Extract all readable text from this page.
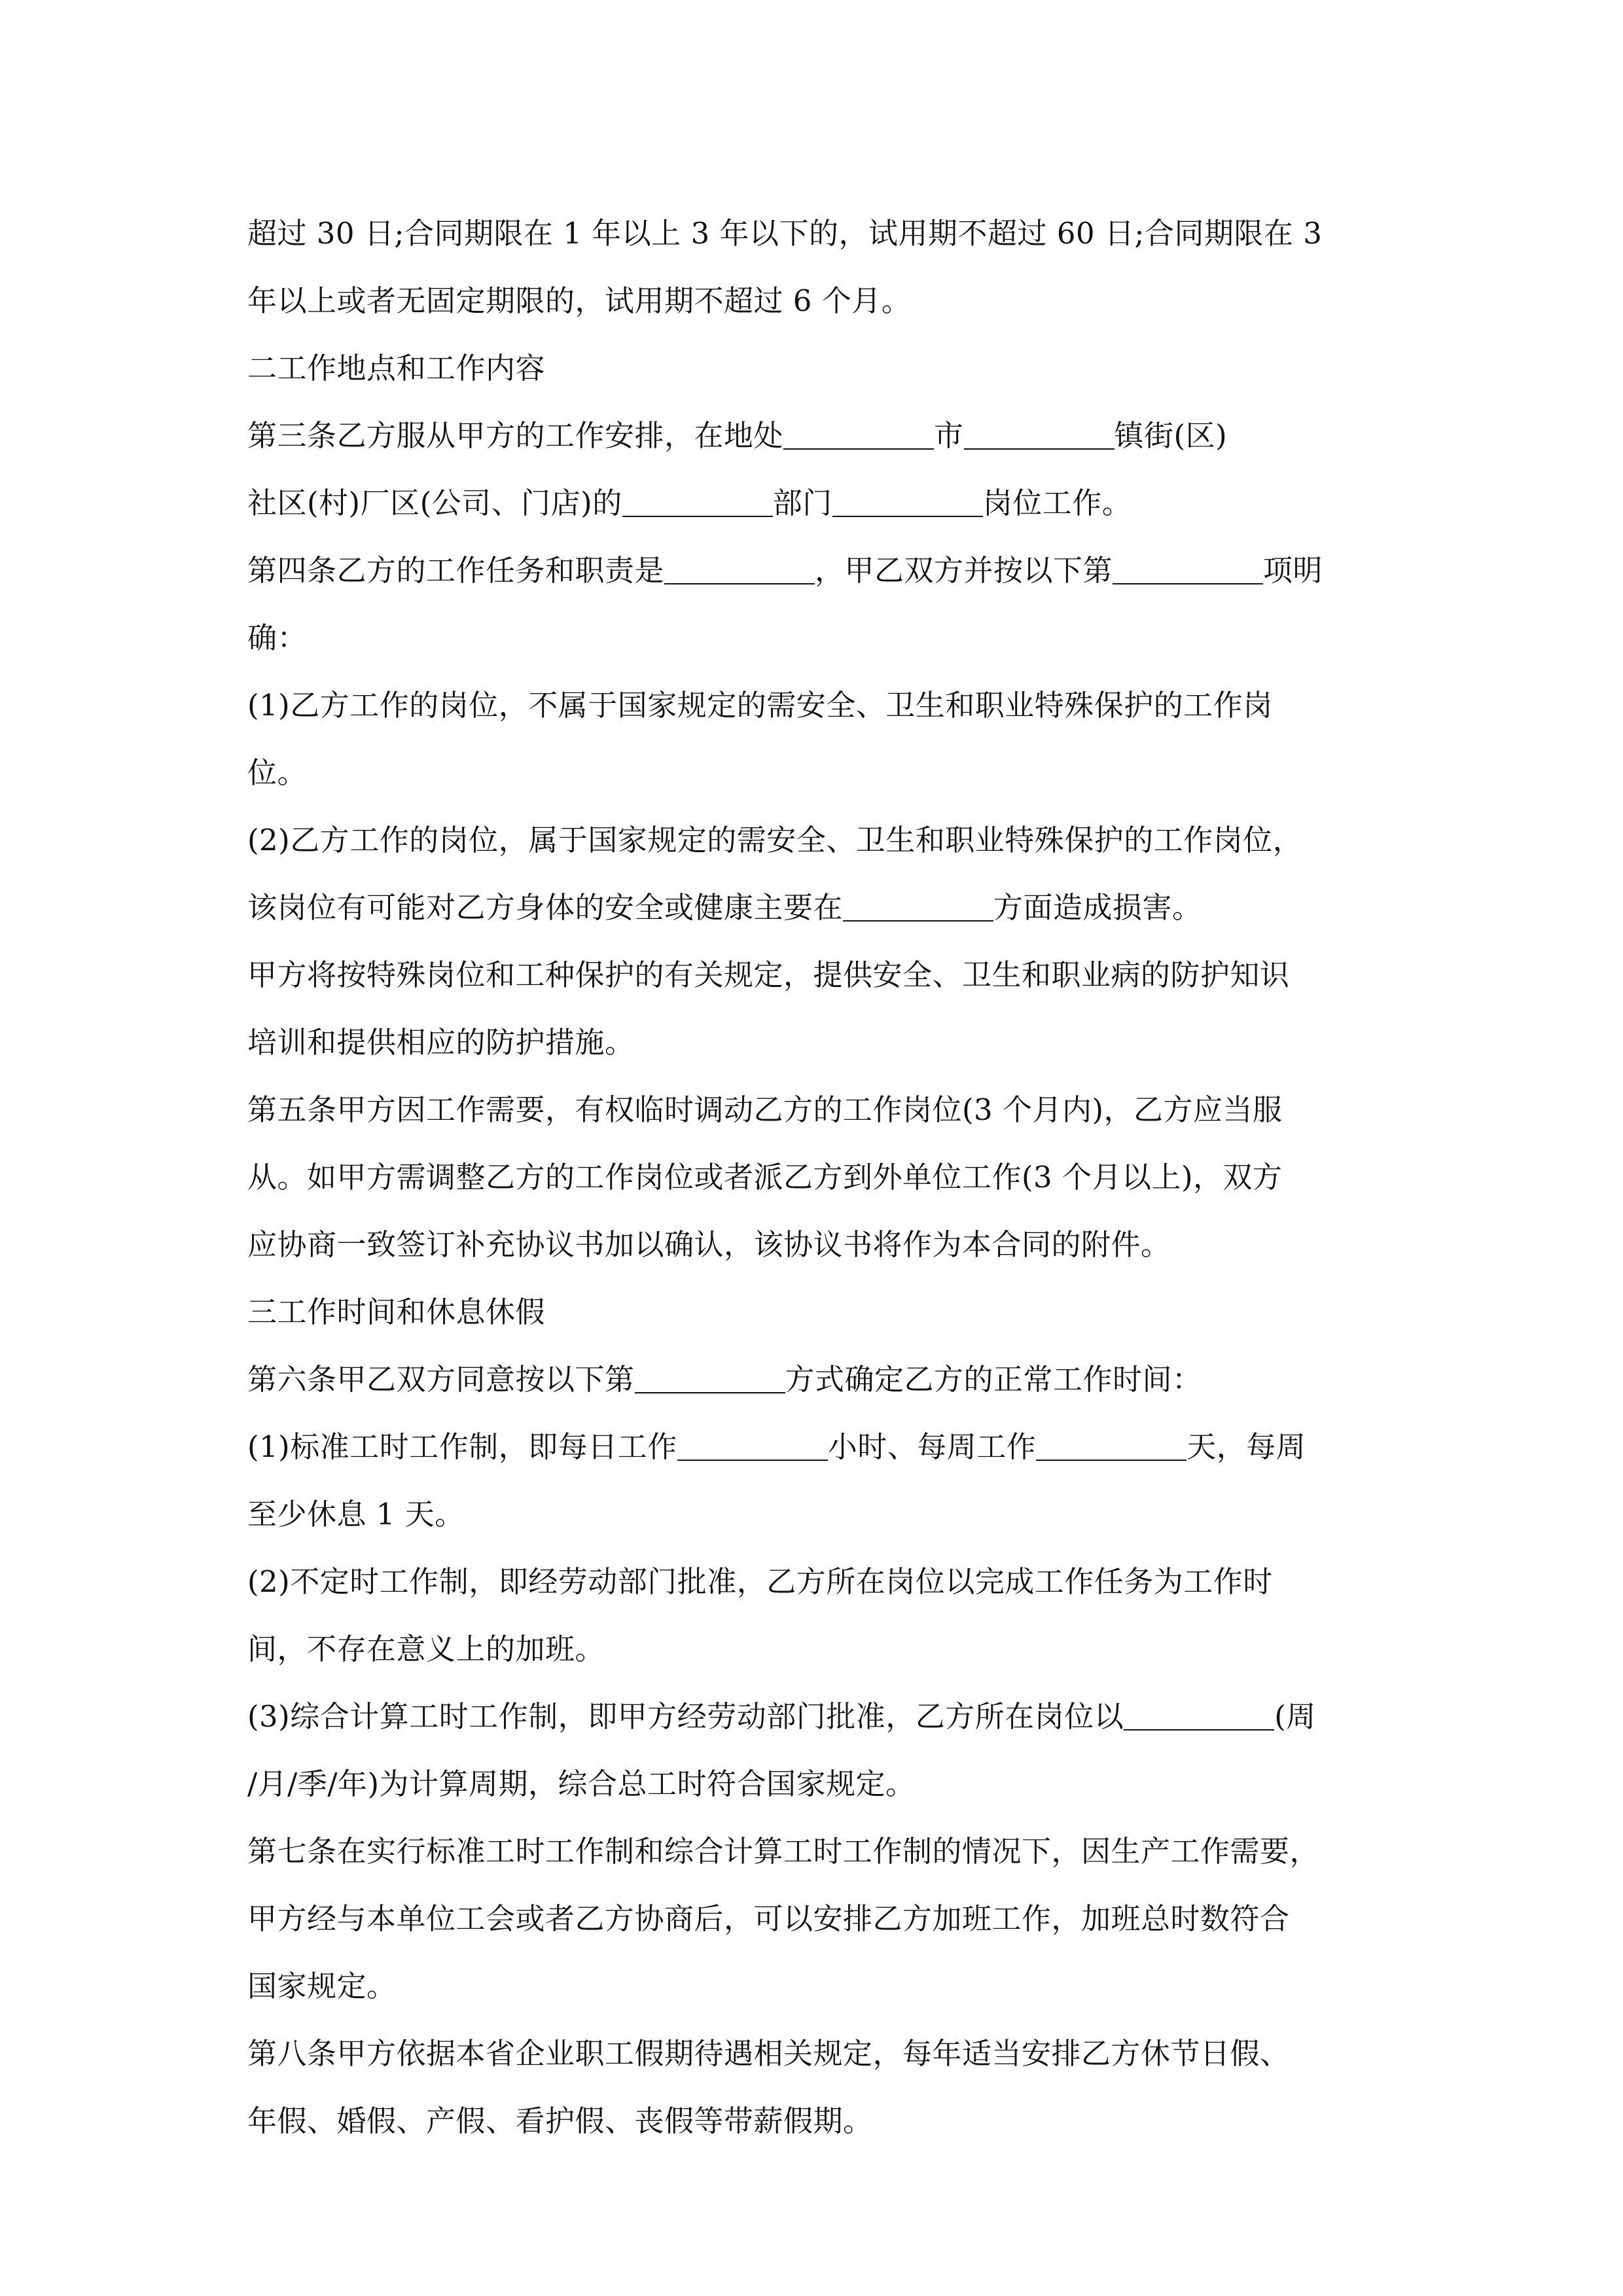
超过 30 日;合同期限在 1 年以上 3 年以下的，试用期不超过 60 日;合同期限在 3
年以上或者无固定期限的，试用期不超过 6 个月。
二工作地点和工作内容
第三条乙方服从甲方的工作安排，在地处	市	镇街(区)
社区(村)厂区(公司、门店)的	部门	岗位工作。
第四条乙方的工作任务和职责是	，甲乙双方并按以下第	项明
确：
(1)乙方工作的岗位，不属于国家规定的需安全、卫生和职业特殊保护的工作岗
位。
(2)乙方工作的岗位，属于国家规定的需安全、卫生和职业特殊保护的工作岗位，
该岗位有可能对乙方身体的安全或健康主要在	方面造成损害。
甲方将按特殊岗位和工种保护的有关规定，提供安全、卫生和职业病的防护知识
培训和提供相应的防护措施。
第五条甲方因工作需要，有权临时调动乙方的工作岗位(3 个月内)，乙方应当服
从。如甲方需调整乙方的工作岗位或者派乙方到外单位工作(3 个月以上)，双方
应协商一致签订补充协议书加以确认，该协议书将作为本合同的附件。
三工作时间和休息休假
第六条甲乙双方同意按以下第	方式确定乙方的正常工作时间：
(1)标准工时工作制，即每日工作	小时、每周工作	天，每周
至少休息 1 天。
(2)不定时工作制，即经劳动部门批准，乙方所在岗位以完成工作任务为工作时
间，不存在意义上的加班。
(3)综合计算工时工作制，即甲方经劳动部门批准，乙方所在岗位以	(周
/月/季/年)为计算周期，综合总工时符合国家规定。
第七条在实行标准工时工作制和综合计算工时工作制的情况下，因生产工作需要，
甲方经与本单位工会或者乙方协商后，可以安排乙方加班工作，加班总时数符合
国家规定。
第八条甲方依据本省企业职工假期待遇相关规定，每年适当安排乙方休节日假、
年假、婚假、产假、看护假、丧假等带薪假期。
